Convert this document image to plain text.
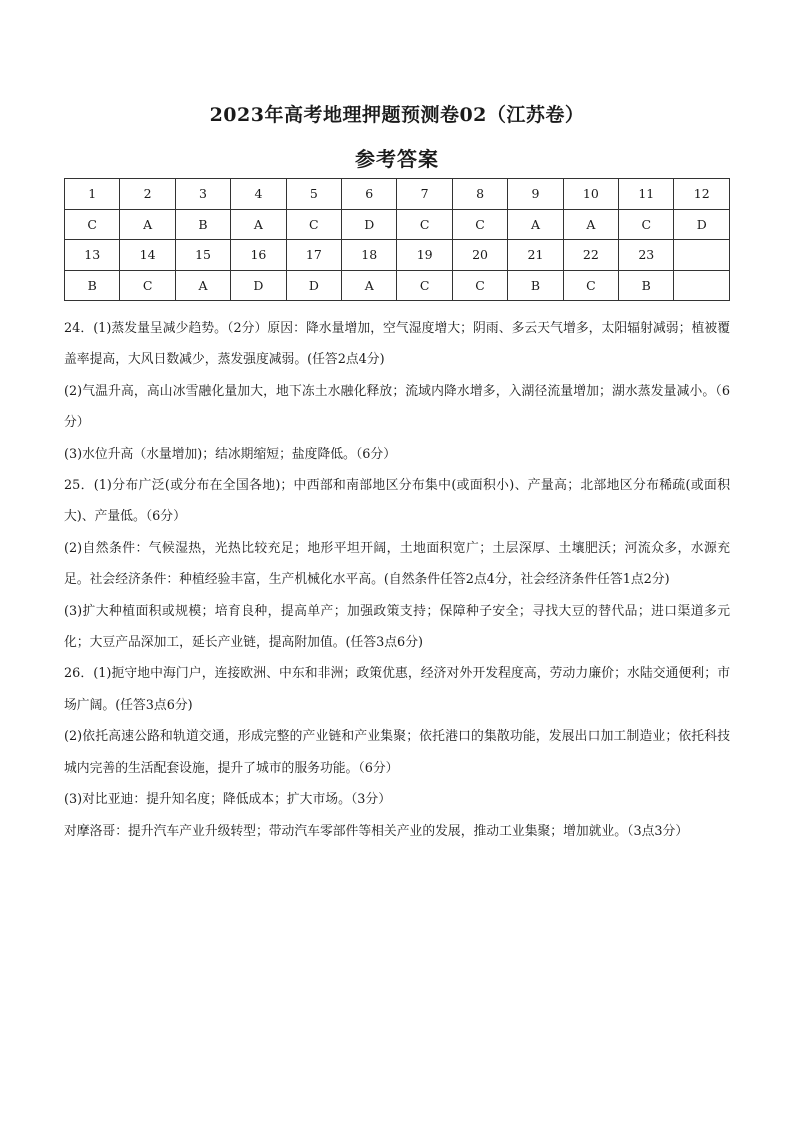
2023年高考地理押题预测卷02（江苏卷）
参考答案
1	2	3	4	5	6	7	8	9	10	11	12
C	A	B	A	C	D	C	C	A	A	C	D
13	14	15	16	17	18	19	20	21	22	23	
B	C	A	D	D	A	C	C	B	C	B	

24．(1)蒸发量呈减少趋势。（2分）原因：降水量增加，空气湿度增大；阴雨、多云天气增多，太阳辐射减弱；植被覆盖率提高，大风日数减少，蒸发强度减弱。(任答2点4分)

(2)气温升高，高山冰雪融化量加大，地下冻土水融化释放；流域内降水增多，入湖径流量增加；湖水蒸发量减小。（6分）

(3)水位升高（水量增加)；结冰期缩短；盐度降低。（6分）

25．(1)分布广泛(或分布在全国各地)；中西部和南部地区分布集中(或面积小)、产量高；北部地区分布稀疏(或面积大)、产量低。（6分）

(2)自然条件：气候湿热，光热比较充足；地形平坦开阔，土地面积宽广；土层深厚、土壤肥沃；河流众多，水源充足。社会经济条件：种植经验丰富，生产机械化水平高。(自然条件任答2点4分，社会经济条件任答1点2分)

(3)扩大种植面积或规模；培育良种，提高单产；加强政策支持；保障种子安全；寻找大豆的替代品；进口渠道多元化；大豆产品深加工，延长产业链，提高附加值。(任答3点6分)

26．(1)扼守地中海门户，连接欧洲、中东和非洲；政策优惠，经济对外开发程度高，劳动力廉价；水陆交通便利；市场广阔。(任答3点6分)

(2)依托高速公路和轨道交通，形成完整的产业链和产业集聚；依托港口的集散功能，发展出口加工制造业；依托科技城内完善的生活配套设施，提升了城市的服务功能。（6分）

(3)对比亚迪：提升知名度；降低成本；扩大市场。（3分）

对摩洛哥：提升汽车产业升级转型；带动汽车零部件等相关产业的发展，推动工业集聚；增加就业。（3点3分）
